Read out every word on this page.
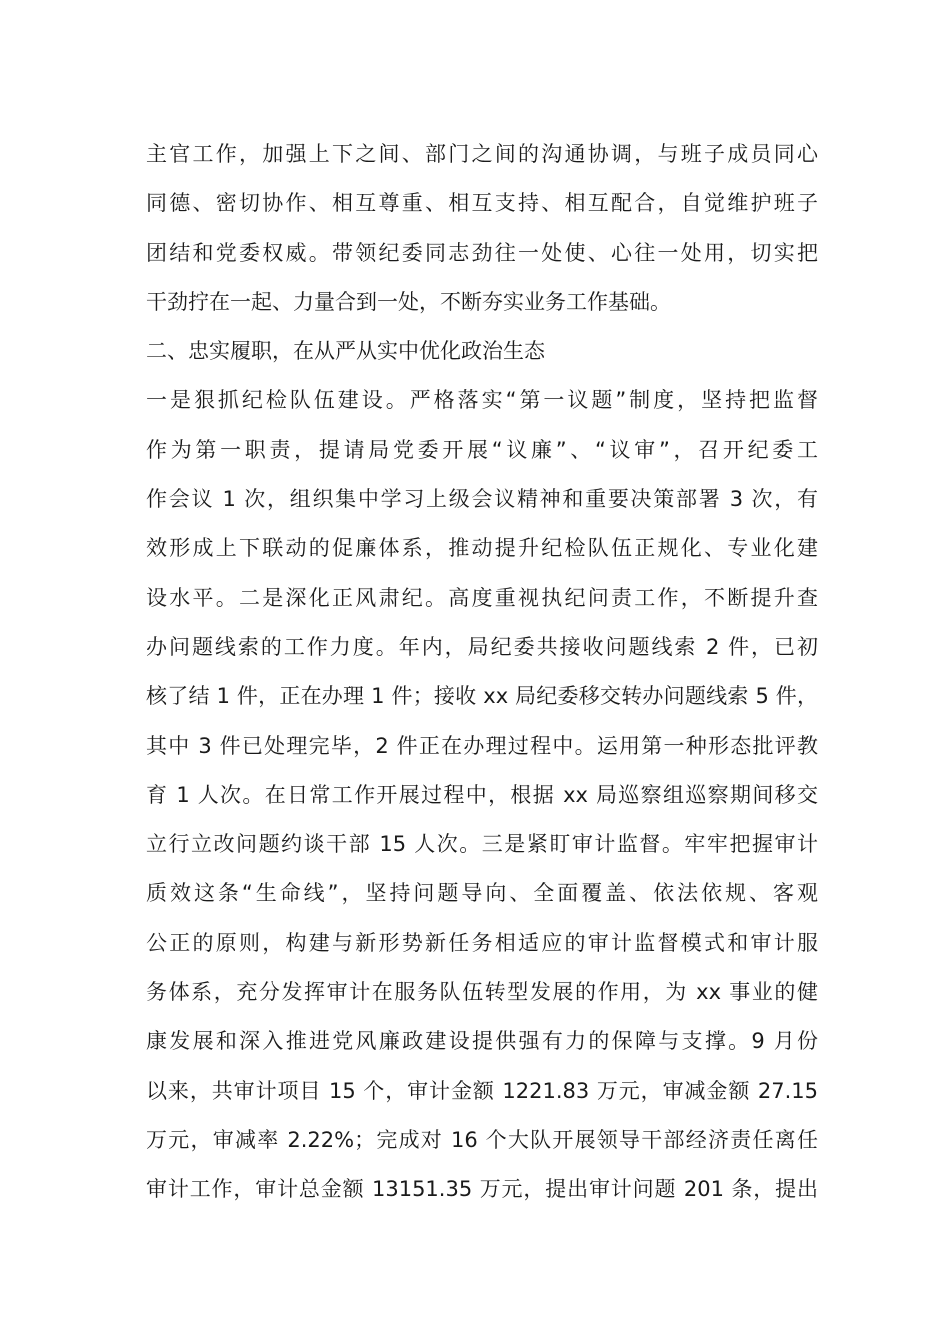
主官工作，加强上下之间、部门之间的沟通协调，与班子成员同心
同德、密切协作、相互尊重、相互支持、相互配合，自觉维护班子
团结和党委权威。带领纪委同志劲往一处使、心往一处用，切实把
干劲拧在一起、力量合到一处，不断夯实业务工作基础。
二、忠实履职，在从严从实中优化政治生态
一是狠抓纪检队伍建设。严格落实“第一议题”制度，坚持把监督
作为第一职责，提请局党委开展“议廉”、“议审”，召开纪委工
作会议 1 次，组织集中学习上级会议精神和重要决策部署 3 次，有
效形成上下联动的促廉体系，推动提升纪检队伍正规化、专业化建
设水平。二是深化正风肃纪。高度重视执纪问责工作，不断提升查
办问题线索的工作力度。年内，局纪委共接收问题线索 2 件，已初
核了结 1 件，正在办理 1 件；接收 xx 局纪委移交转办问题线索 5 件，
其中 3 件已处理完毕，2 件正在办理过程中。运用第一种形态批评教
育 1 人次。在日常工作开展过程中，根据 xx 局巡察组巡察期间移交
立行立改问题约谈干部 15 人次。三是紧盯审计监督。牢牢把握审计
质效这条“生命线”，坚持问题导向、全面覆盖、依法依规、客观
公正的原则，构建与新形势新任务相适应的审计监督模式和审计服
务体系，充分发挥审计在服务队伍转型发展的作用，为 xx 事业的健
康发展和深入推进党风廉政建设提供强有力的保障与支撑。9 月份
以来，共审计项目 15 个，审计金额 1221.83 万元，审减金额 27.15
万元，审减率 2.22%；完成对 16 个大队开展领导干部经济责任离任
审计工作，审计总金额 13151.35 万元，提出审计问题 201 条，提出
